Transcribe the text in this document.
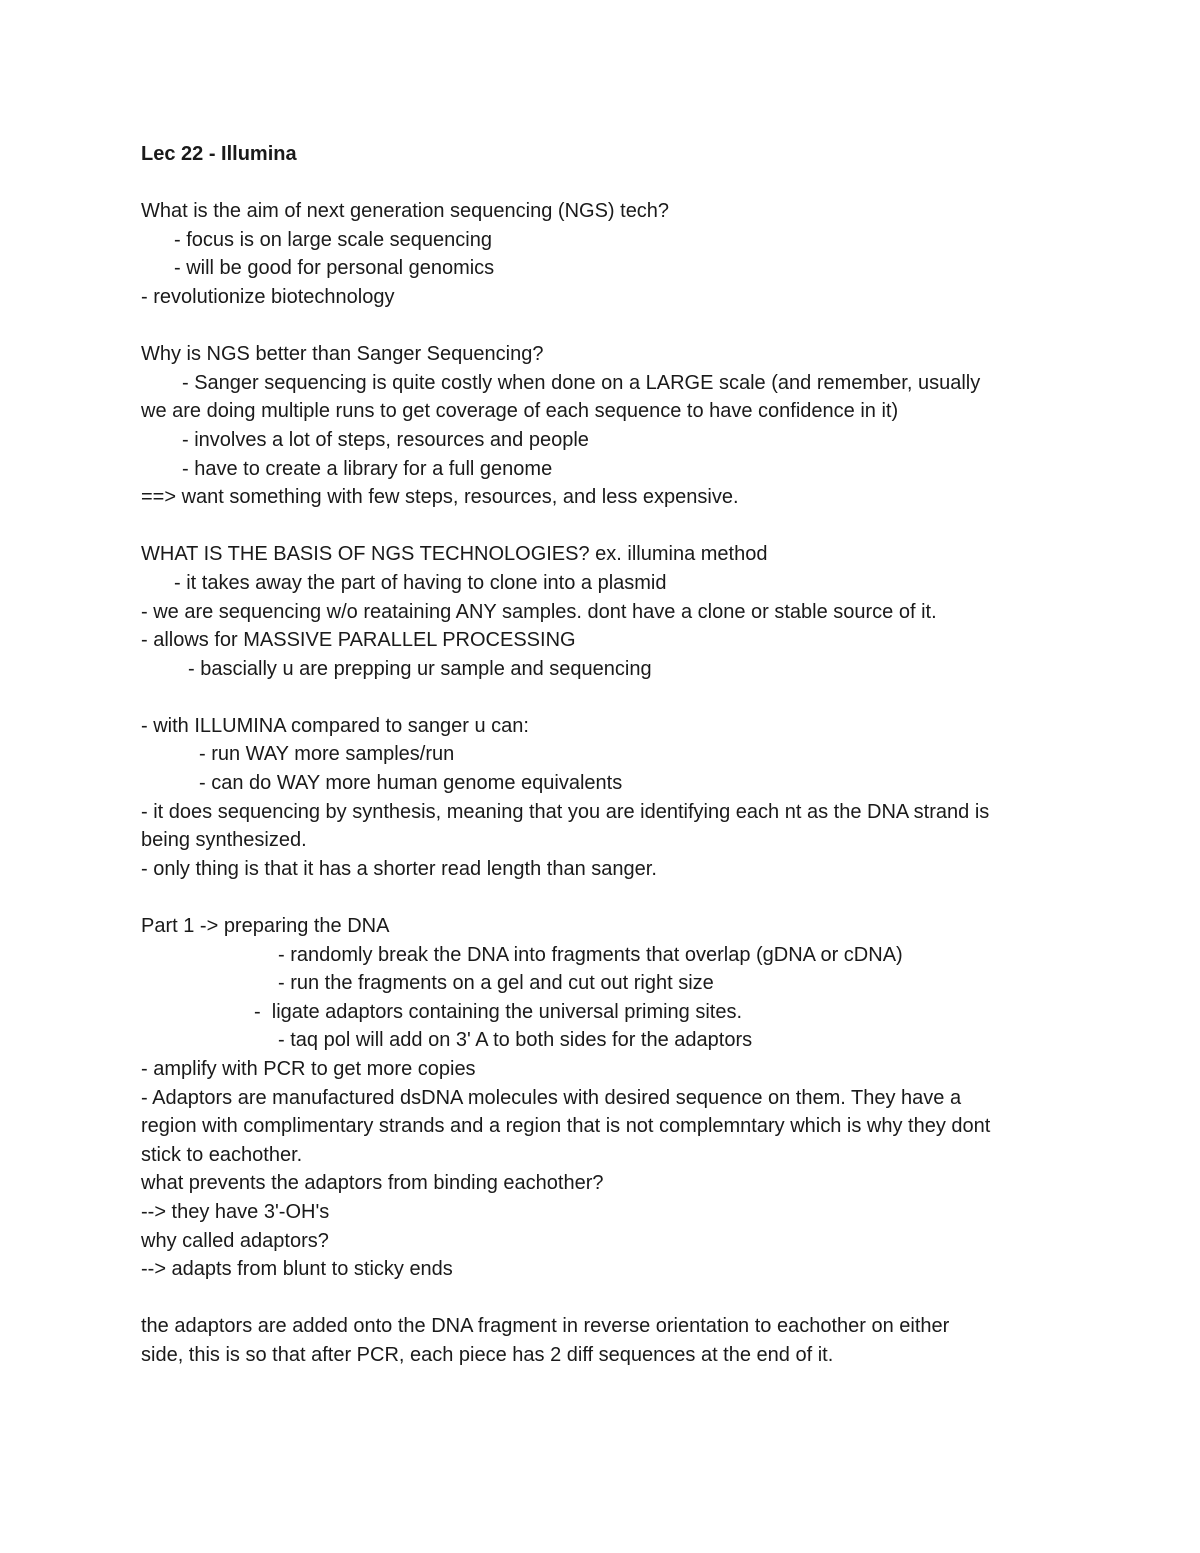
Lec 22 - Illumina
What is the aim of next generation sequencing (NGS) tech?
- focus is on large scale sequencing
- will be good for personal genomics
- revolutionize biotechnology
Why is NGS better than Sanger Sequencing?
- Sanger sequencing is quite costly when done on a LARGE scale (and remember, usually
we are doing multiple runs to get coverage of each sequence to have confidence in it)
- involves a lot of steps, resources and people
- have to create a library for a full genome
==> want something with few steps, resources, and less expensive.
WHAT IS THE BASIS OF NGS TECHNOLOGIES? ex. illumina method
- it takes away the part of having to clone into a plasmid
- we are sequencing w/o reataining ANY samples. dont have a clone or stable source of it.
- allows for MASSIVE PARALLEL PROCESSING
- bascially u are prepping ur sample and sequencing
- with ILLUMINA compared to sanger u can:
- run WAY more samples/run
- can do WAY more human genome equivalents
- it does sequencing by synthesis, meaning that you are identifying each nt as the DNA strand is
being synthesized.
- only thing is that it has a shorter read length than sanger.
Part 1 -> preparing the DNA
- randomly break the DNA into fragments that overlap (gDNA or cDNA)
- run the fragments on a gel and cut out right size
-  ligate adaptors containing the universal priming sites.
- taq pol will add on 3' A to both sides for the adaptors
- amplify with PCR to get more copies
- Adaptors are manufactured dsDNA molecules with desired sequence on them. They have a
region with complimentary strands and a region that is not complemntary which is why they dont
stick to eachother.
what prevents the adaptors from binding eachother?
--> they have 3'-OH's
why called adaptors?
--> adapts from blunt to sticky ends
the adaptors are added onto the DNA fragment in reverse orientation to eachother on either
side, this is so that after PCR, each piece has 2 diff sequences at the end of it.
